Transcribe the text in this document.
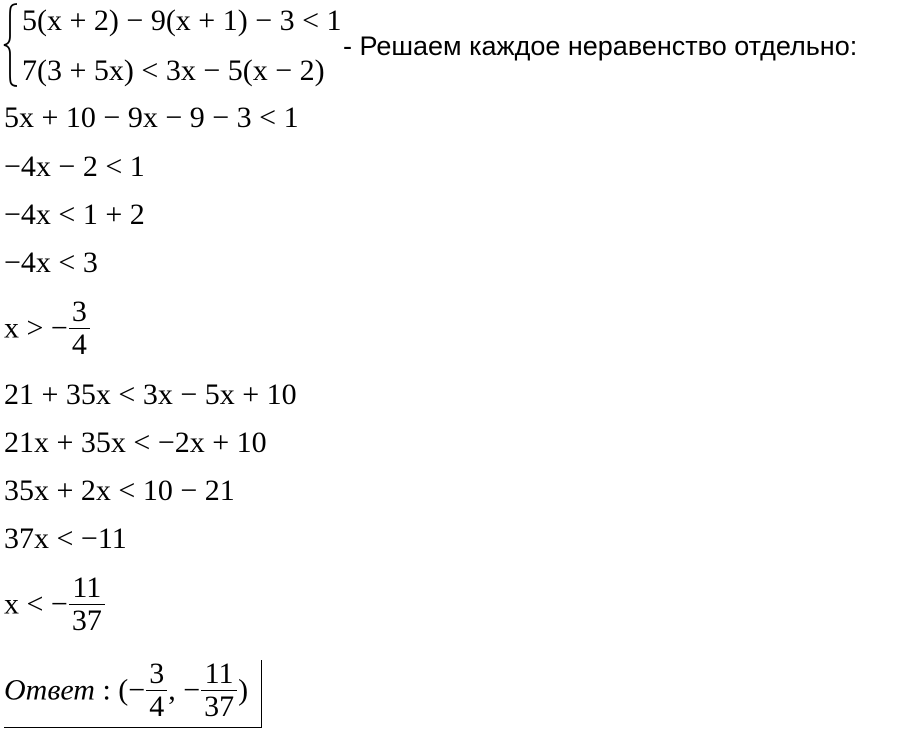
5(x + 2) − 9(x + 1) − 3 < 1
7(3 + 5x) < 3x − 5(x − 2)
- Решаем каждое неравенство отдельно:
5x + 10 − 9x − 9 − 3 < 1
−4x − 2 < 1
−4x < 1 + 2
−4x < 3
x > − $\frac{3}{4}$
21 + 35x < 3x − 5x + 10
21x + 35x < −2x + 10
35x + 2x < 10 − 21
37x < −11
x < − $\frac{11}{37}$
Ответ : (− $\frac{3}{4}$ , − $\frac{11}{37}$ )
